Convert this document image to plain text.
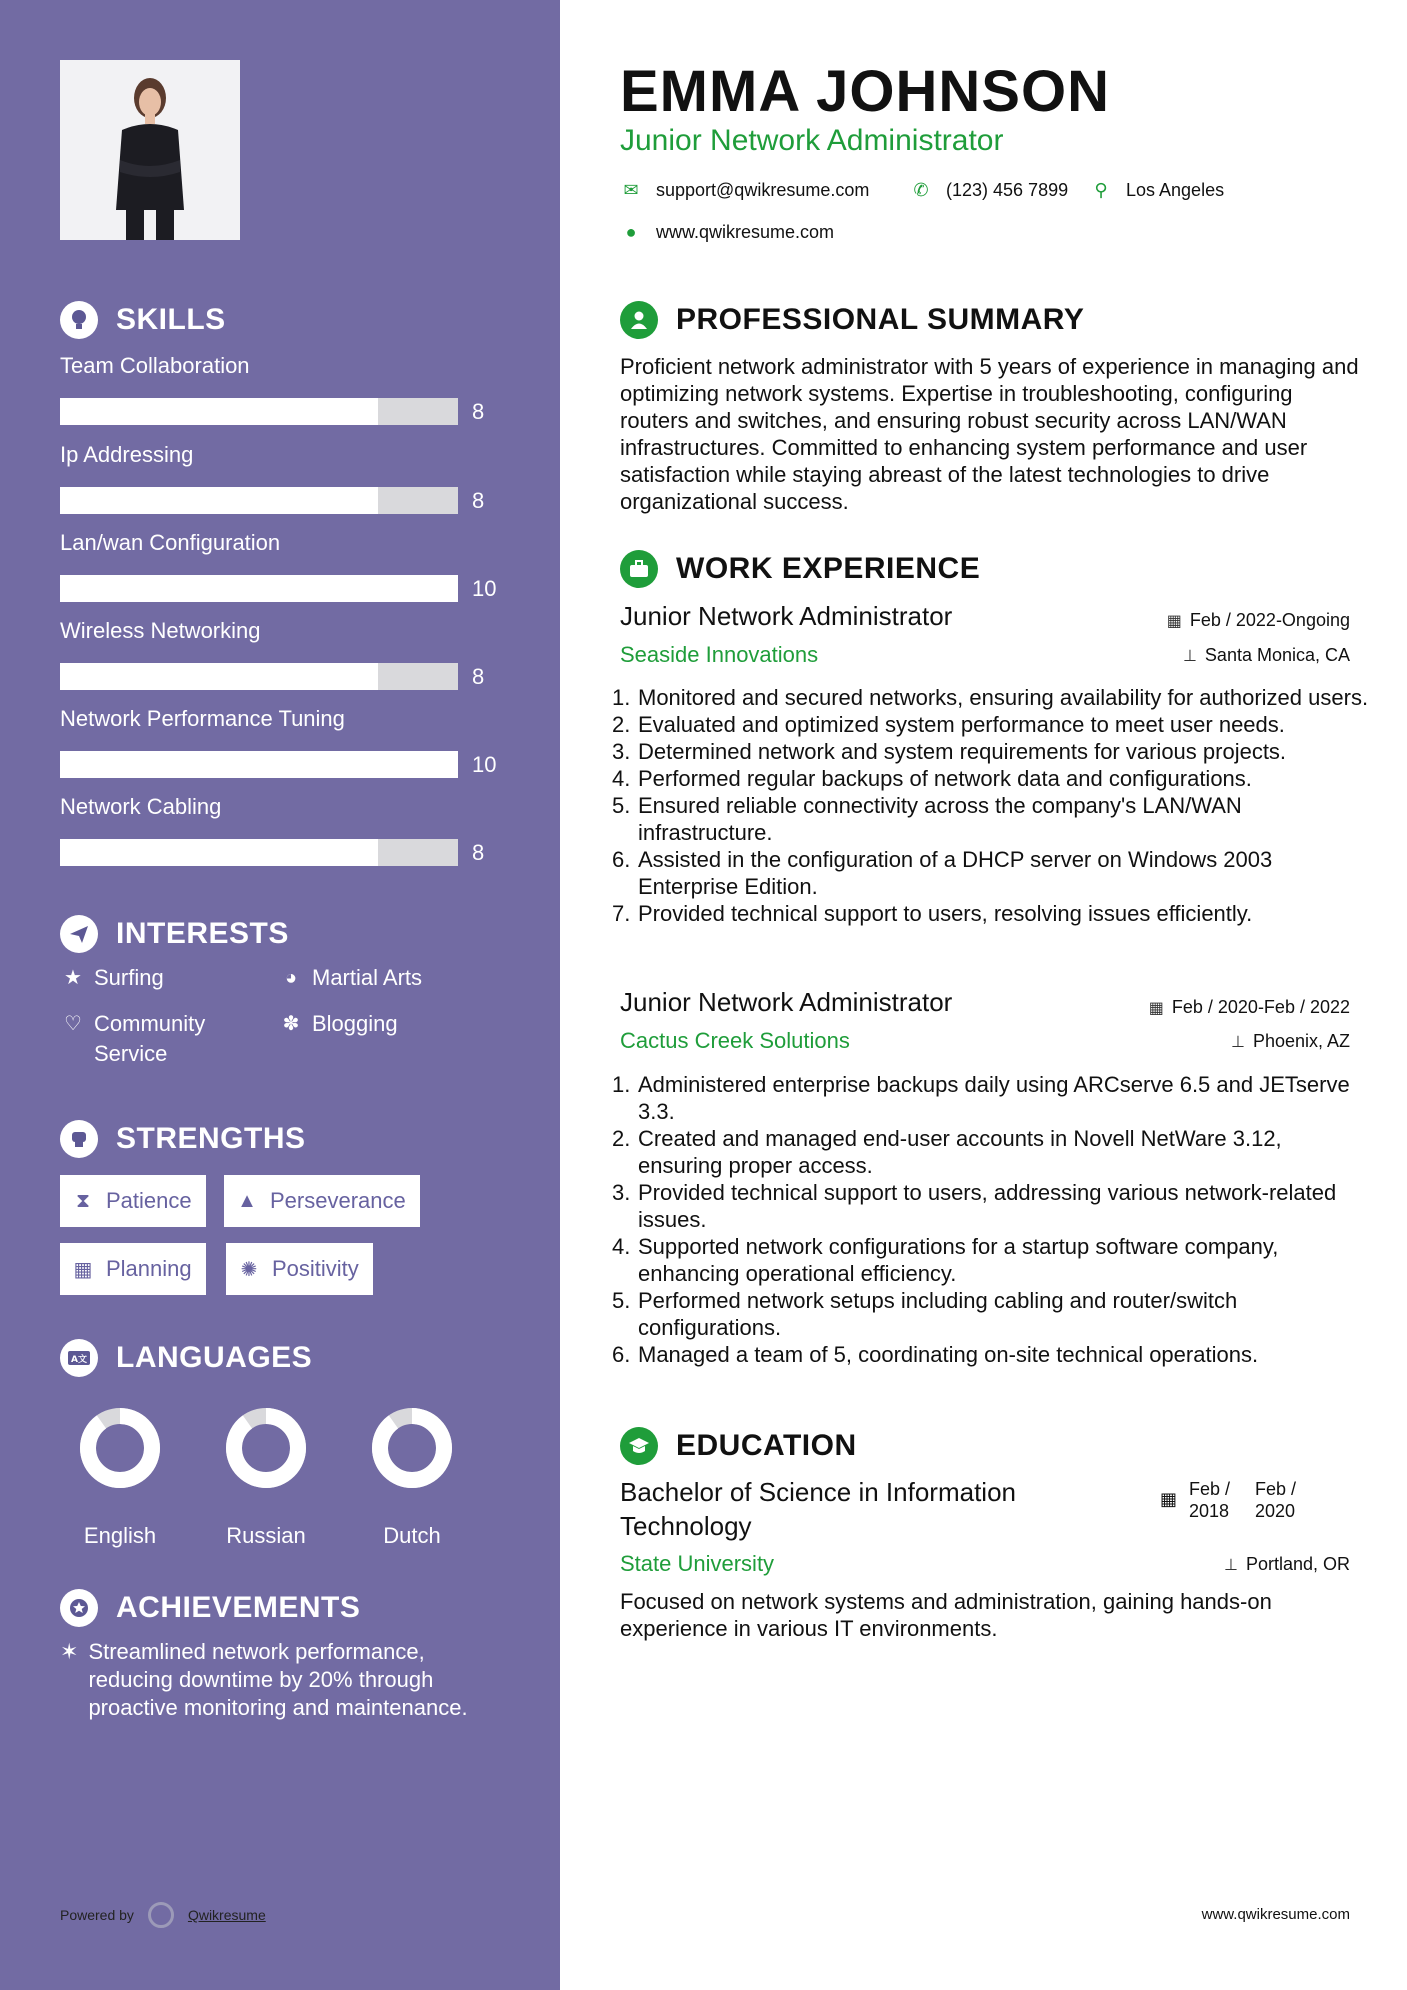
SKILLS
Team Collaboration
8
Ip Addressing
8
Lan/wan Configuration
10
Wireless Networking
8
Network Performance Tuning
10
Network Cabling
8
INTERESTS
★ Surfing	◕ Martial Arts
♡ Community Service
✽ Blogging
STRENGTHS
⧗ Patience ▲ Perseverance
▦ Planning ✺ Positivity
A文 LANGUAGES
English	Russian	Dutch
ACHIEVEMENTS
✶ Streamlined network performance, reducing downtime by 20% through proactive monitoring and maintenance.
Powered by	Qwikresume
EMMA JOHNSON
Junior Network Administrator
✉ support@qwikresume.com ✆ (123) 456 7899 ⚲ Los Angeles
●	www.qwikresume.com
PROFESSIONAL SUMMARY
Proficient network administrator with 5 years of experience in managing and optimizing network systems. Expertise in troubleshooting, configuring routers and switches, and ensuring robust security across LAN/WAN infrastructures. Committed to enhancing system performance and user satisfaction while staying abreast of the latest technologies to drive organizational success.
WORK EXPERIENCE
Junior Network Administrator	▦ Feb / 2022-Ongoing
Seaside Innovations	⊥ Santa Monica, CA
1. Monitored and secured networks, ensuring availability for authorized users.
2. Evaluated and optimized system performance to meet user needs.
3. Determined network and system requirements for various projects.
4. Performed regular backups of network data and configurations.
5. Ensured reliable connectivity across the company's LAN/WAN infrastructure.
6. Assisted in the configuration of a DHCP server on Windows 2003 Enterprise Edition.
7. Provided technical support to users, resolving issues efficiently.
Junior Network Administrator	▦ Feb / 2020-Feb / 2022
Cactus Creek Solutions	⊥ Phoenix, AZ
1. Administered enterprise backups daily using ARCserve 6.5 and JETserve 3.3.
2. Created and managed end-user accounts in Novell NetWare 3.12, ensuring proper access.
3. Provided technical support to users, addressing various network-related issues.
4. Supported network configurations for a startup software company, enhancing operational efficiency.
5. Performed network setups including cabling and router/switch configurations.
6. Managed a team of 5, coordinating on-site technical operations.
EDUCATION
Bachelor of Science in Information Technology
▦ Feb / 2018
Feb / 2020
State University	⊥ Portland, OR
Focused on network systems and administration, gaining hands-on experience in various IT environments.
www.qwikresume.com
